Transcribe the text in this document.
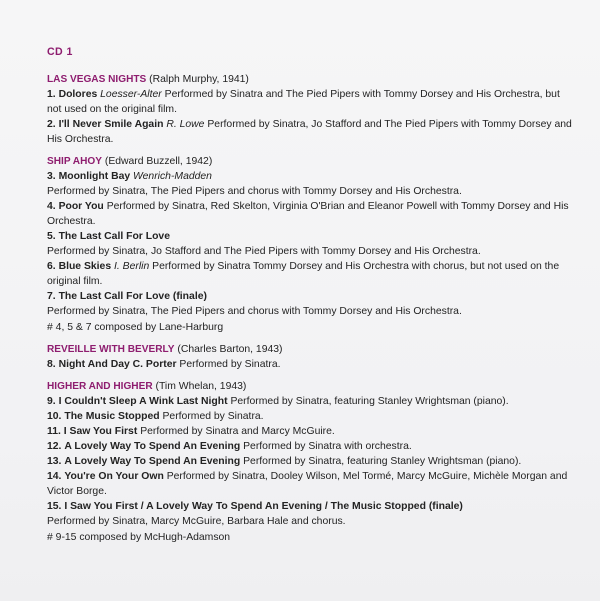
CD 1
LAS VEGAS NIGHTS (Ralph Murphy, 1941)
1. Dolores Loesser-Alter Performed by Sinatra and The Pied Pipers with Tommy Dorsey and His Orchestra, but not used on the original film.
2. I'll Never Smile Again R. Lowe Performed by Sinatra, Jo Stafford and The Pied Pipers with Tommy Dorsey and His Orchestra.
SHIP AHOY (Edward Buzzell, 1942)
3. Moonlight Bay Wenrich-Madden
Performed by Sinatra, The Pied Pipers and chorus with Tommy Dorsey and His Orchestra.
4. Poor You Performed by Sinatra, Red Skelton, Virginia O'Brian and Eleanor Powell with Tommy Dorsey and His Orchestra.
5. The Last Call For Love
Performed by Sinatra, Jo Stafford and The Pied Pipers with Tommy Dorsey and His Orchestra.
6. Blue Skies I. Berlin Performed by Sinatra Tommy Dorsey and His Orchestra with chorus, but not used on the original film.
7. The Last Call For Love (finale)
Performed by Sinatra, The Pied Pipers and chorus with Tommy Dorsey and His Orchestra.
# 4, 5 & 7 composed by Lane-Harburg
REVEILLE WITH BEVERLY (Charles Barton, 1943)
8. Night And Day C. Porter Performed by Sinatra.
HIGHER AND HIGHER (Tim Whelan, 1943)
9. I Couldn't Sleep A Wink Last Night Performed by Sinatra, featuring Stanley Wrightsman (piano).
10. The Music Stopped Performed by Sinatra.
11. I Saw You First Performed by Sinatra and Marcy McGuire.
12. A Lovely Way To Spend An Evening Performed by Sinatra with orchestra.
13. A Lovely Way To Spend An Evening Performed by Sinatra, featuring Stanley Wrightsman (piano).
14. You're On Your Own Performed by Sinatra, Dooley Wilson, Mel Tormé, Marcy McGuire, Michèle Morgan and Victor Borge.
15. I Saw You First / A Lovely Way To Spend An Evening / The Music Stopped (finale)
Performed by Sinatra, Marcy McGuire, Barbara Hale and chorus.
# 9-15 composed by McHugh-Adamson
